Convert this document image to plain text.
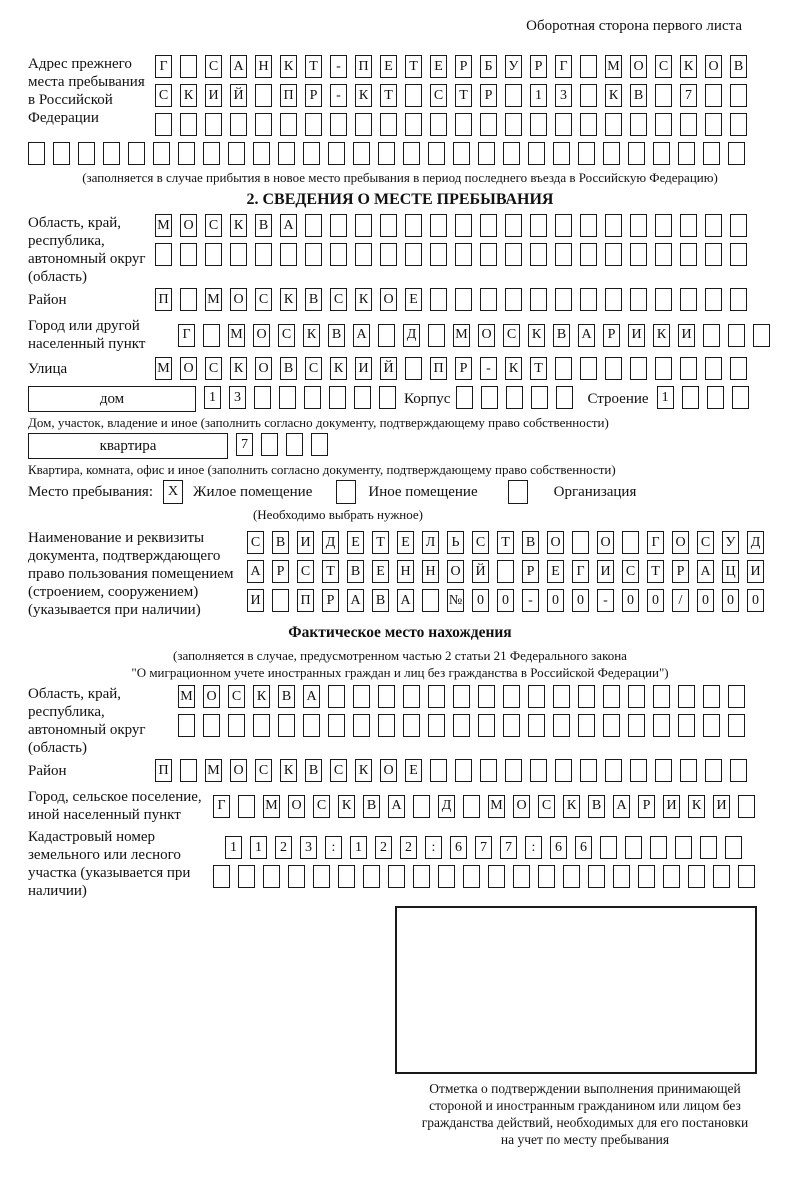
Оборотная сторона первого листа
Адрес прежнего места пребывания в Российской Федерации
Г	С А Н К	Т	-	П	Е	Т	Е	Р	Б	У	Р	Г	М О С К О В
С К И Й	П	Р	-	К	Т	С	Т	Р	1	3	К В	7
(заполняется в случае прибытия в новое место пребывания в период последнего въезда в Российскую Федерацию)
2. СВЕДЕНИЯ О МЕСТЕ ПРЕБЫВАНИЯ
Область, край, республика, автономный округ (область)
М О С К В А
Район	П	М О С К В С К О	Е
Город или другой населенный пункт
Г	М О С К В А	Д	М О С К В А	Р	И К И
Улица	М О С К О В С К И Й	П	Р	-	К	Т
дом	1	3	Корпус	Строение 1
Дом, участок, владение и иное (заполнить согласно документу, подтверждающему право собственности)
квартира	7
Квартира, комната, офис и иное (заполнить согласно документу, подтверждающему право собственности)
Место пребывания:	X Жилое помещение	Иное помещение	Организация
(Необходимо выбрать нужное)
Наименование и реквизиты документа, подтверждающего право пользования помещением (строением, сооружением) (указывается при наличии)
С В И Д	Е	Т	Е	Л	Ь	С	Т	В О	О	Г	О С У Д
А	Р	С	Т	В	Е	Н Н О Й	Р	Е	Г	И С	Т	Р	А Ц И
И	П	Р	А В А	№	0	0	-	0	0	-	0	0	/	0	0	0
Фактическое место нахождения
(заполняется в случае, предусмотренном частью 2 статьи 21 Федерального закона
"О миграционном учете иностранных граждан и лиц без гражданства в Российской Федерации")
Область, край, республика, автономный округ (область)
М О С К В А
Район	П	М О С К В С К О	Е
Город, сельское поселение, иной населенный пункт
Г	М О С К В А	Д	М О С К В А	Р	И К И
Кадастровый номер земельного или лесного участка (указывается при наличии)
1	1	2	3	:	1	2	2	:	6	7	7	:	6	6
Отметка о подтверждении выполнения принимающей
стороной и иностранным гражданином или лицом без
гражданства действий, необходимых для его постановки
на учет по месту пребывания
